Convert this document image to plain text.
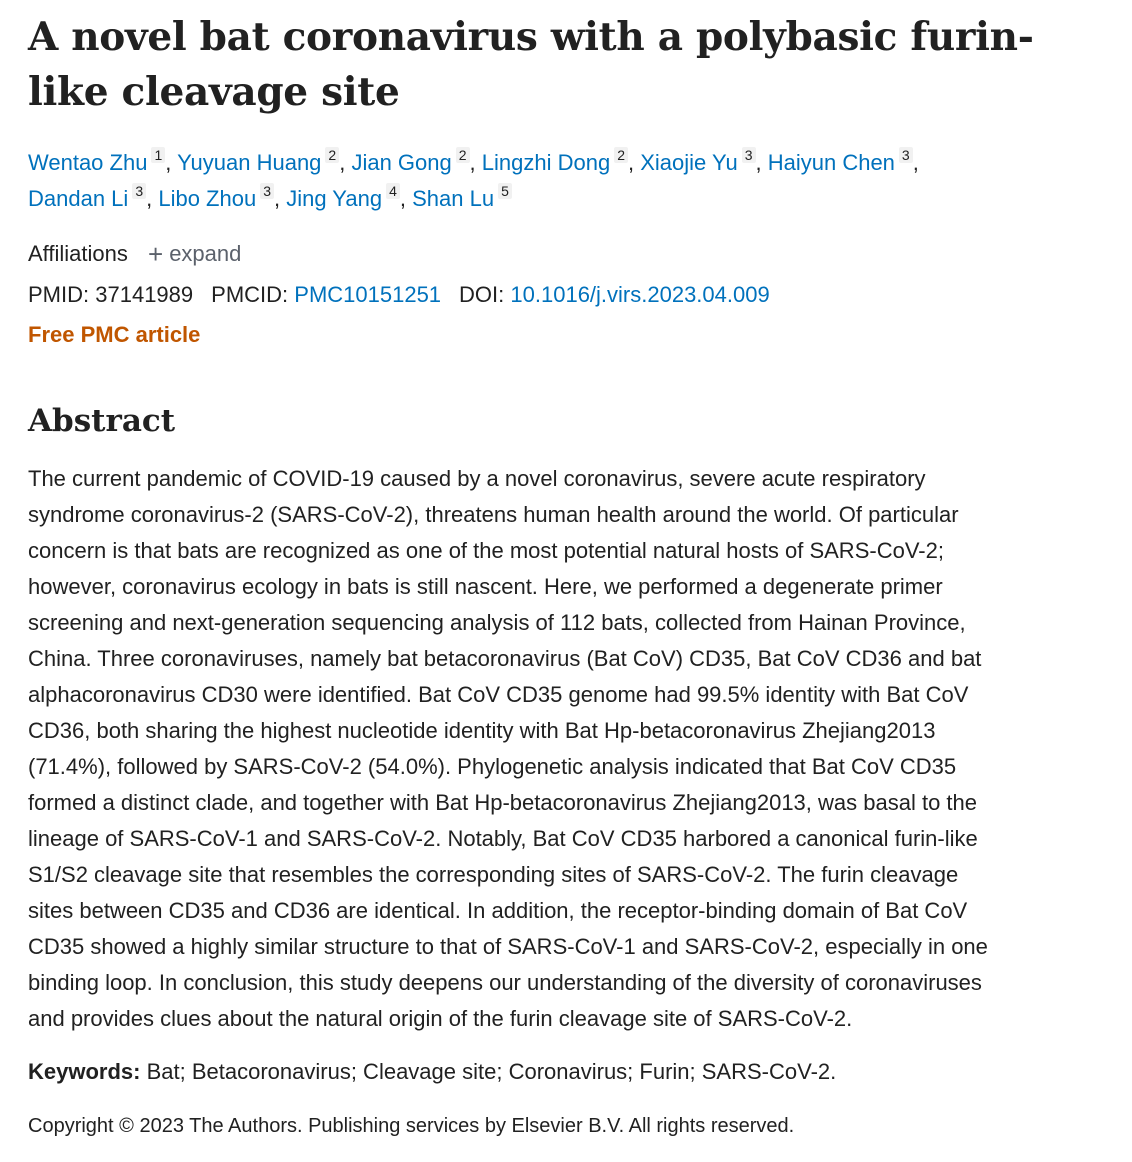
A novel bat coronavirus with a polybasic furin-like cleavage site
Wentao Zhu $^1$ , Yuyuan Huang $^2$ , Jian Gong $^2$ , Lingzhi Dong $^2$ , Xiaojie Yu $^3$ , Haiyun Chen $^3$ ,
Dandan Li $^3$ , Libo Zhou $^3$ , Jing Yang $^4$ , Shan Lu $^5$
Affiliations + expand
PMID: 37141989 PMCID: PMC10151251 DOI: 10.1016/j.virs.2023.04.009
Free PMC article
Abstract

The current pandemic of COVID-19 caused by a novel coronavirus, severe acute respiratory
syndrome coronavirus-2 (SARS-CoV-2), threatens human health around the world. Of particular
concern is that bats are recognized as one of the most potential natural hosts of SARS-CoV-2;
however, coronavirus ecology in bats is still nascent. Here, we performed a degenerate primer
screening and next-generation sequencing analysis of 112 bats, collected from Hainan Province,
China. Three coronaviruses, namely bat betacoronavirus (Bat CoV) CD35, Bat CoV CD36 and bat
alphacoronavirus CD30 were identified. Bat CoV CD35 genome had 99.5% identity with Bat CoV
CD36, both sharing the highest nucleotide identity with Bat Hp-betacoronavirus Zhejiang2013
(71.4%), followed by SARS-CoV-2 (54.0%). Phylogenetic analysis indicated that Bat CoV CD35
formed a distinct clade, and together with Bat Hp-betacoronavirus Zhejiang2013, was basal to the
lineage of SARS-CoV-1 and SARS-CoV-2. Notably, Bat CoV CD35 harbored a canonical furin-like
S1/S2 cleavage site that resembles the corresponding sites of SARS-CoV-2. The furin cleavage
sites between CD35 and CD36 are identical. In addition, the receptor-binding domain of Bat CoV
CD35 showed a highly similar structure to that of SARS-CoV-1 and SARS-CoV-2, especially in one
binding loop. In conclusion, this study deepens our understanding of the diversity of coronaviruses
and provides clues about the natural origin of the furin cleavage site of SARS-CoV-2.

Keywords: Bat; Betacoronavirus; Cleavage site; Coronavirus; Furin; SARS-CoV-2.
Copyright © 2023 The Authors. Publishing services by Elsevier B.V. All rights reserved.
